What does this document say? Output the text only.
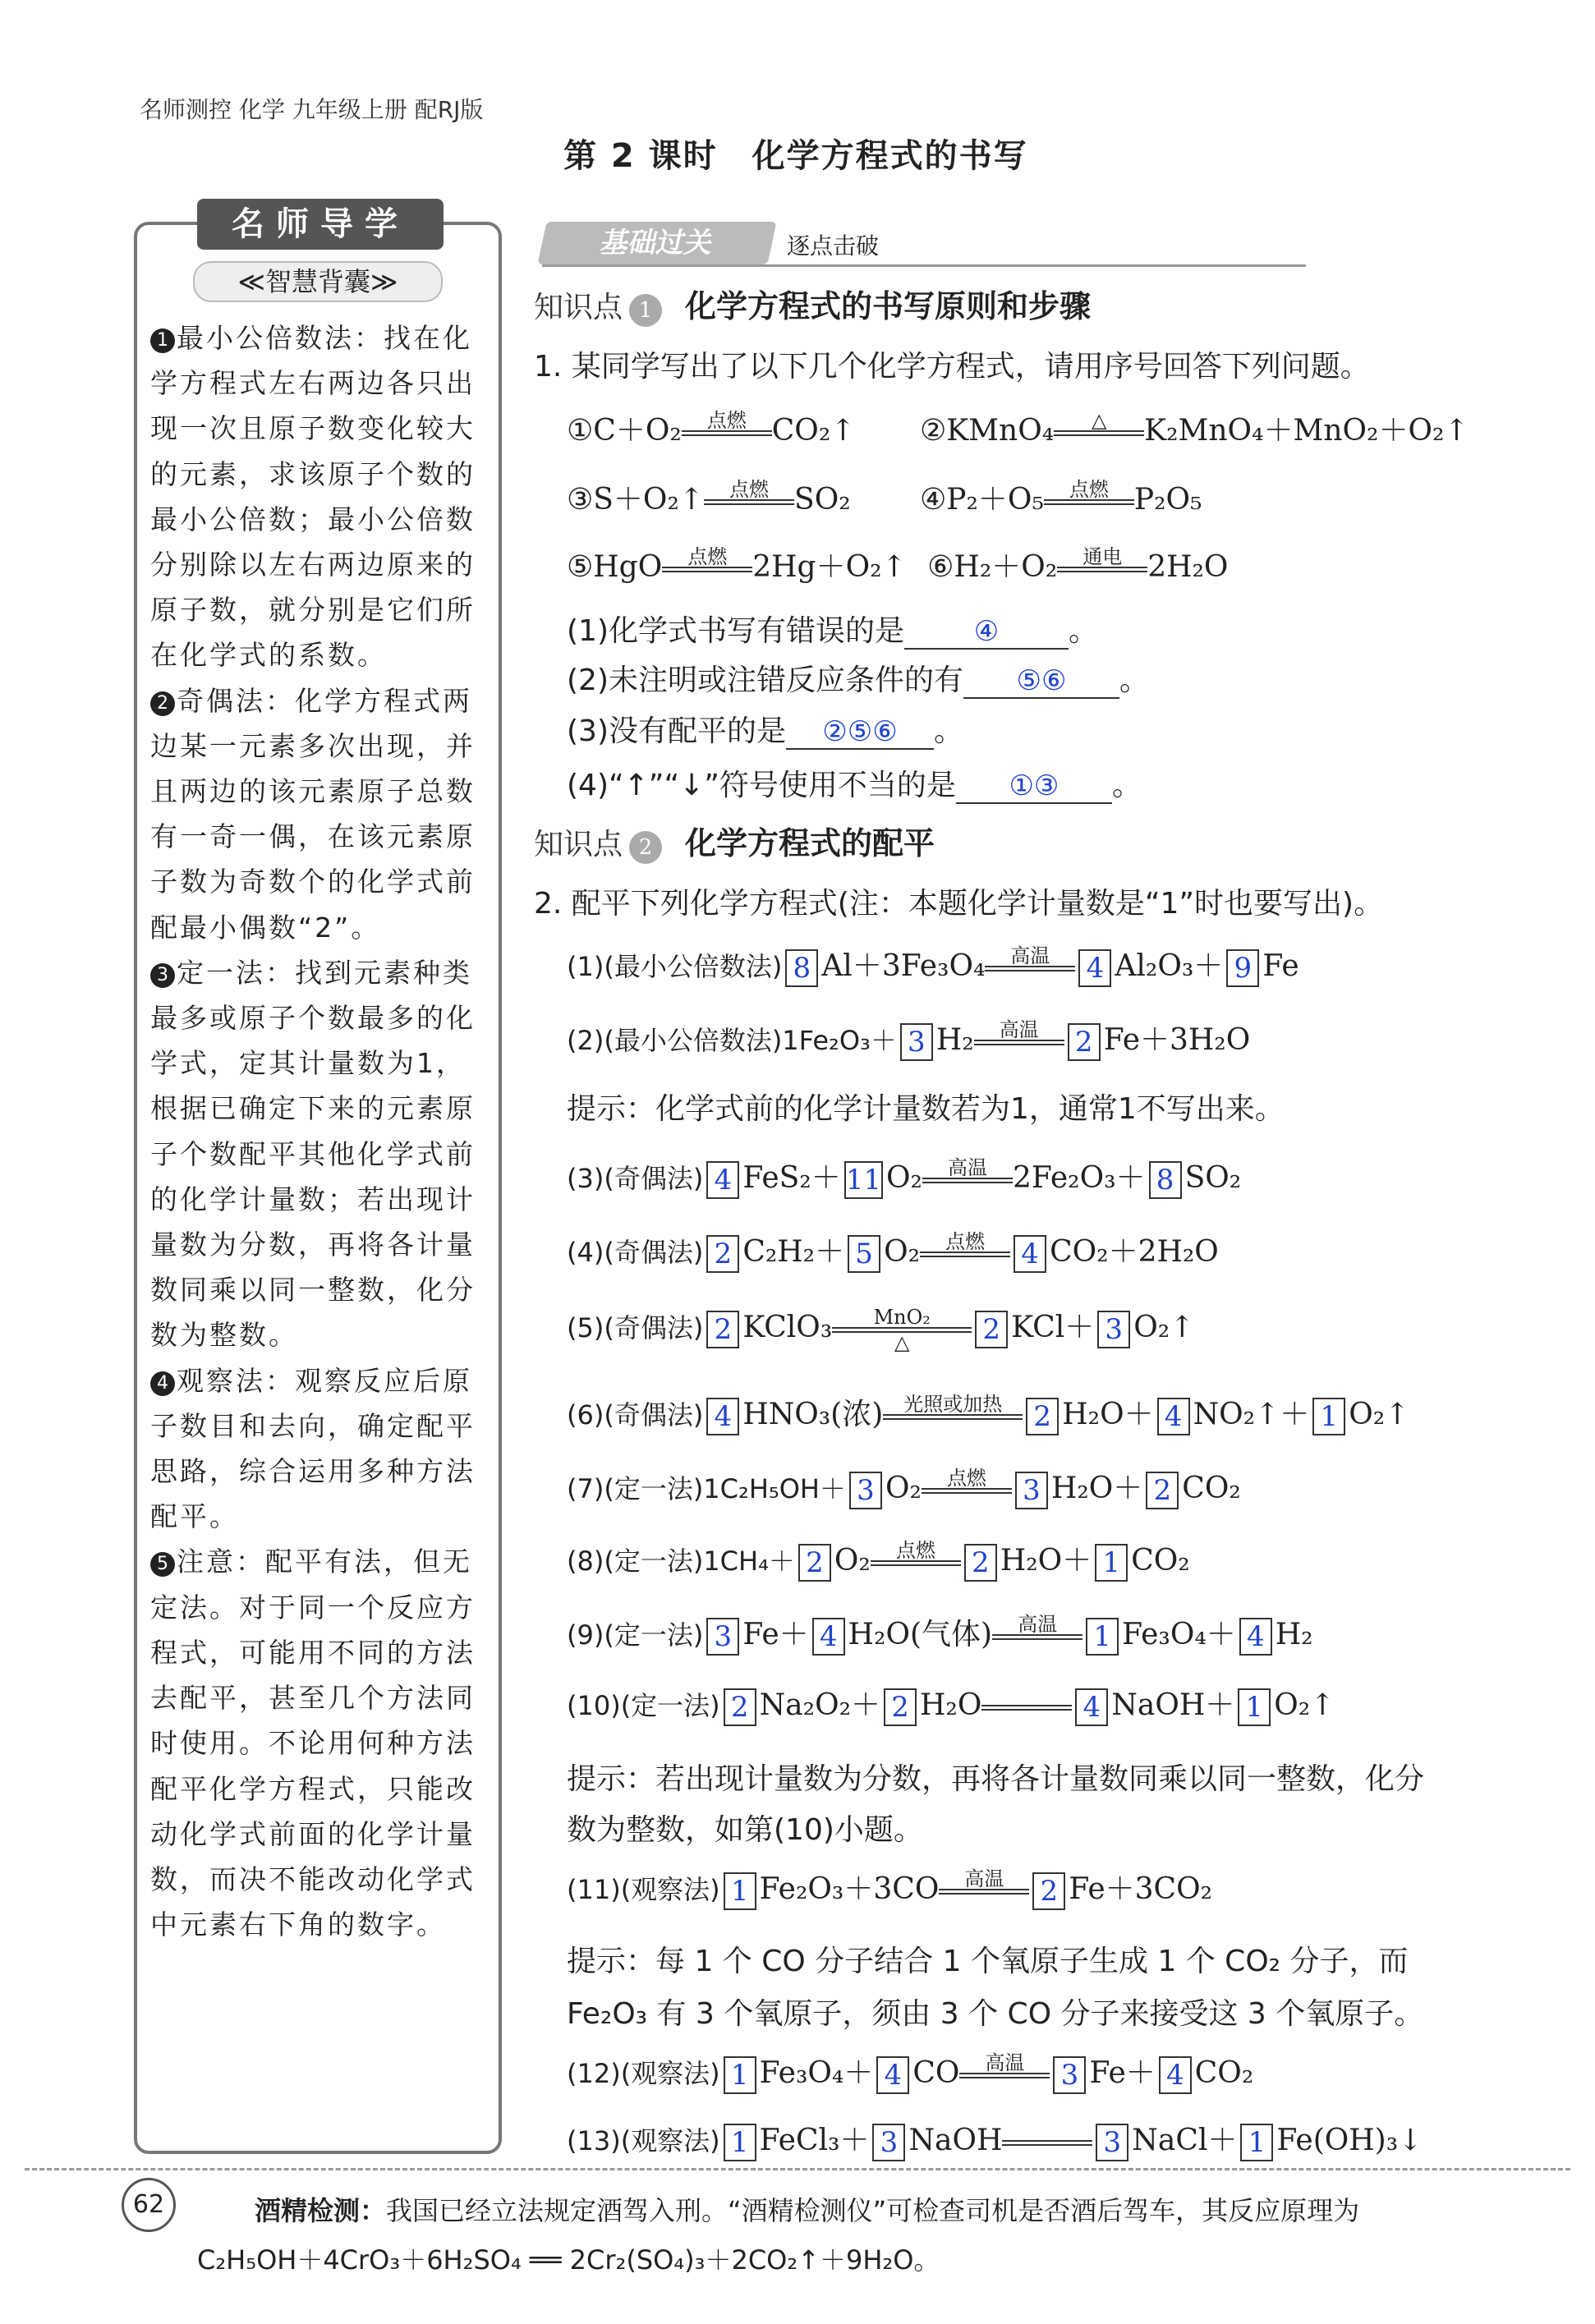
名师测控 化学 九年级上册 配RJ版
第 2 课时　化学方程式的书写
名师导学
≪智慧背囊≫

1 最小公倍数法：找在化学方程式左右两边各只出现一次且原子数变化较大的元素，求该原子个数的最小公倍数；最小公倍数分别除以左右两边原来的原子数，就分别是它们所在化学式的系数。

2 奇偶法：化学方程式两边某一元素多次出现，并且两边的该元素原子总数有一奇一偶，在该元素原子数为奇数个的化学式前配最小偶数“2”。

3 定一法：找到元素种类最多或原子个数最多的化学式，定其计量数为1，根据已确定下来的元素原子个数配平其他化学式前的化学计量数；若出现计量数为分数，再将各计量数同乘以同一整数，化分数为整数。

4 观察法：观察反应后原子数目和去向，确定配平思路，综合运用多种方法配平。

5 注意：配平有法，但无定法。对于同一个反应方程式，可能用不同的方法去配平，甚至几个方法同时使用。不论用何种方法配平化学方程式，只能改动化学式前面的化学计量数，而决不能改动化学式中元素右下角的数字。

基础过关	逐点击破
知识点 1 化学方程式的书写原则和步骤
1. 某同学写出了以下几个化学方程式，请用序号回答下列问题。
①C＋O₂	点燃 CO₂↑ ②KMnO₄	△	K₂MnO₄＋MnO₂＋O₂↑
③S＋O₂↑	点燃 SO₂ ④P₂＋O₅	点燃 P₂O₅
⑤HgO	点燃 2Hg＋O₂↑ ⑥H₂＋O₂	通电 2H₂O
(1)化学式书写有错误的是 ④ 。
(2)未注明或注错反应条件的有 ⑤⑥ 。
(3)没有配平的是 ②⑤⑥ 。
(4)“↑”“↓”符号使用不当的是 ①③ 。
知识点 2 化学方程式的配平
2. 配平下列化学方程式(注：本题化学计量数是“1”时也要写出)。
(1)(最小公倍数法) 8 Al＋3Fe₃O₄	高温	4 Al₂O₃＋ 9 Fe
(2)(最小公倍数法)1Fe₂O₃＋ 3 H₂	高温	2 Fe＋3H₂O
(3)(奇偶法) 4 FeS₂＋ 11 O₂	高温 2Fe₂O₃＋ 8 SO₂
(4)(奇偶法) 2 C₂H₂＋ 5 O₂	点燃	4 CO₂＋2H₂O
(5)(奇偶法) 2 KClO₃	MnO₂
△	2 KCl＋ 3 O₂↑
(6)(奇偶法) 4 HNO₃(浓)	光照或加热	2 H₂O＋ 4 NO₂↑＋ 1 O₂↑
(7)(定一法)1C₂H₅OH＋ 3 O₂	点燃	3 H₂O＋ 2 CO₂
(8)(定一法)1CH₄＋ 2 O₂	点燃	2 H₂O＋ 1 CO₂
(9)(定一法) 3 Fe＋ 4 H₂O(气体)	高温	1 Fe₃O₄＋ 4 H₂
(10)(定一法) 2 Na₂O₂＋ 2 H₂O	4 NaOH＋ 1 O₂↑
(11)(观察法) 1 Fe₂O₃＋3CO	高温	2 Fe＋3CO₂
(12)(观察法) 1 Fe₃O₄＋ 4 CO	高温	3 Fe＋ 4 CO₂
(13)(观察法) 1 FeCl₃＋ 3 NaOH	3 NaCl＋ 1 Fe(OH)₃↓
提示：化学式前的化学计量数若为1，通常1不写出来。
提示：若出现计量数为分数，再将各计量数同乘以同一整数，化分
数为整数，如第(10)小题。
提示：每 1 个 CO 分子结合 1 个氧原子生成 1 个 CO₂ 分子，而
Fe₂O₃ 有 3 个氧原子，须由 3 个 CO 分子来接受这 3 个氧原子。
62	酒精检测：我国已经立法规定酒驾入刑。“酒精检测仪”可检查司机是否酒后驾车，其反应原理为
C₂H₅OH＋4CrO₃＋6H₂SO₄ ══ 2Cr₂(SO₄)₃＋2CO₂↑＋9H₂O。
